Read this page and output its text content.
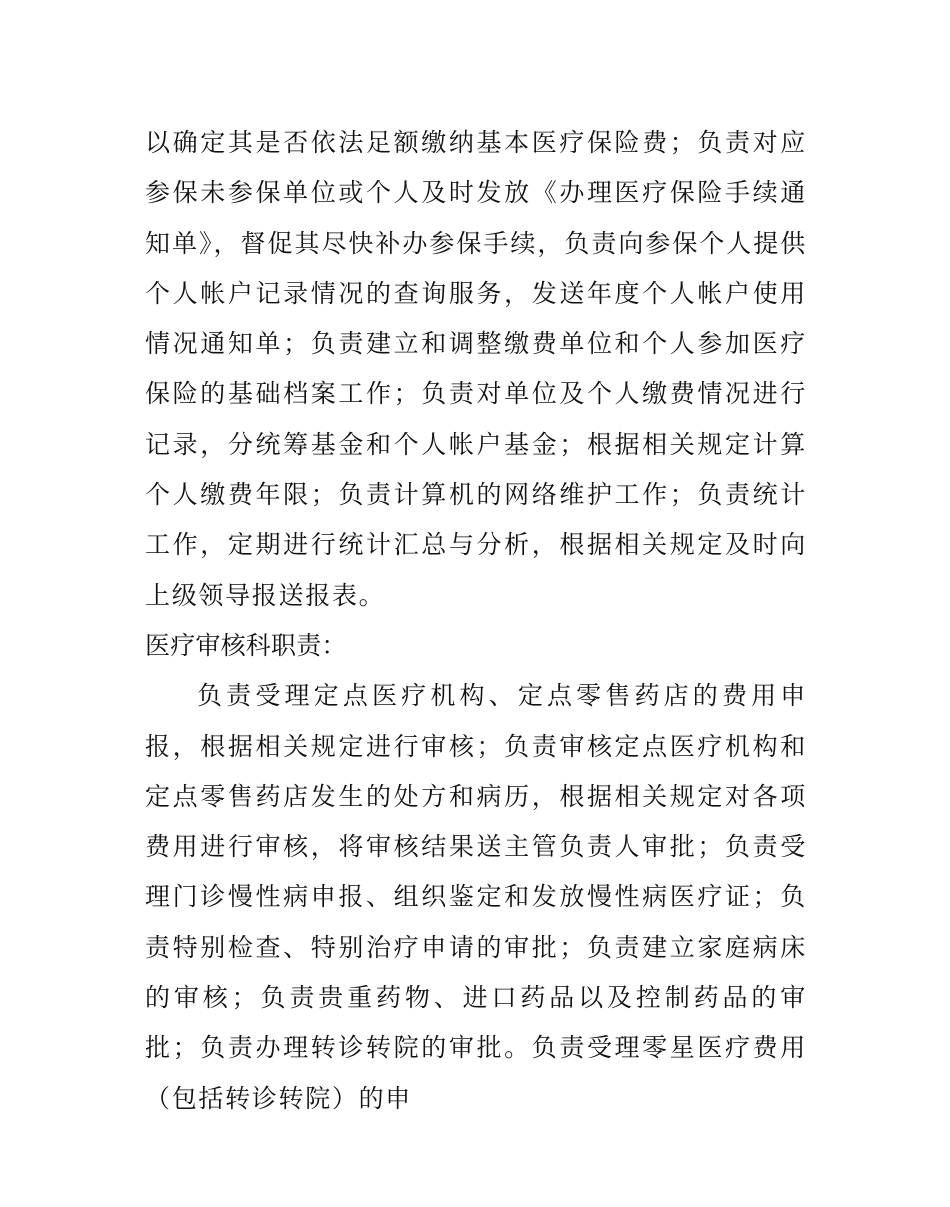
以确定其是否依法足额缴纳基本医疗保险费；负责对应参保未参保单位或个人及时发放《办理医疗保险手续通知单》，督促其尽快补办参保手续，负责向参保个人提供个人帐户记录情况的查询服务，发送年度个人帐户使用情况通知单；负责建立和调整缴费单位和个人参加医疗保险的基础档案工作；负责对单位及个人缴费情况进行记录，分统筹基金和个人帐户基金；根据相关规定计算个人缴费年限；负责计算机的网络维护工作；负责统计工作，定期进行统计汇总与分析，根据相关规定及时向上级领导报送报表。

医疗审核科职责：

负责受理定点医疗机构、定点零售药店的费用申报，根据相关规定进行审核；负责审核定点医疗机构和定点零售药店发生的处方和病历，根据相关规定对各项费用进行审核，将审核结果送主管负责人审批；负责受理门诊慢性病申报、组织鉴定和发放慢性病医疗证；负责特别检查、特别治疗申请的审批；负责建立家庭病床的审核；负责贵重药物、进口药品以及控制药品的审批；负责办理转诊转院的审批。负责受理零星医疗费用（包括转诊转院）的申
